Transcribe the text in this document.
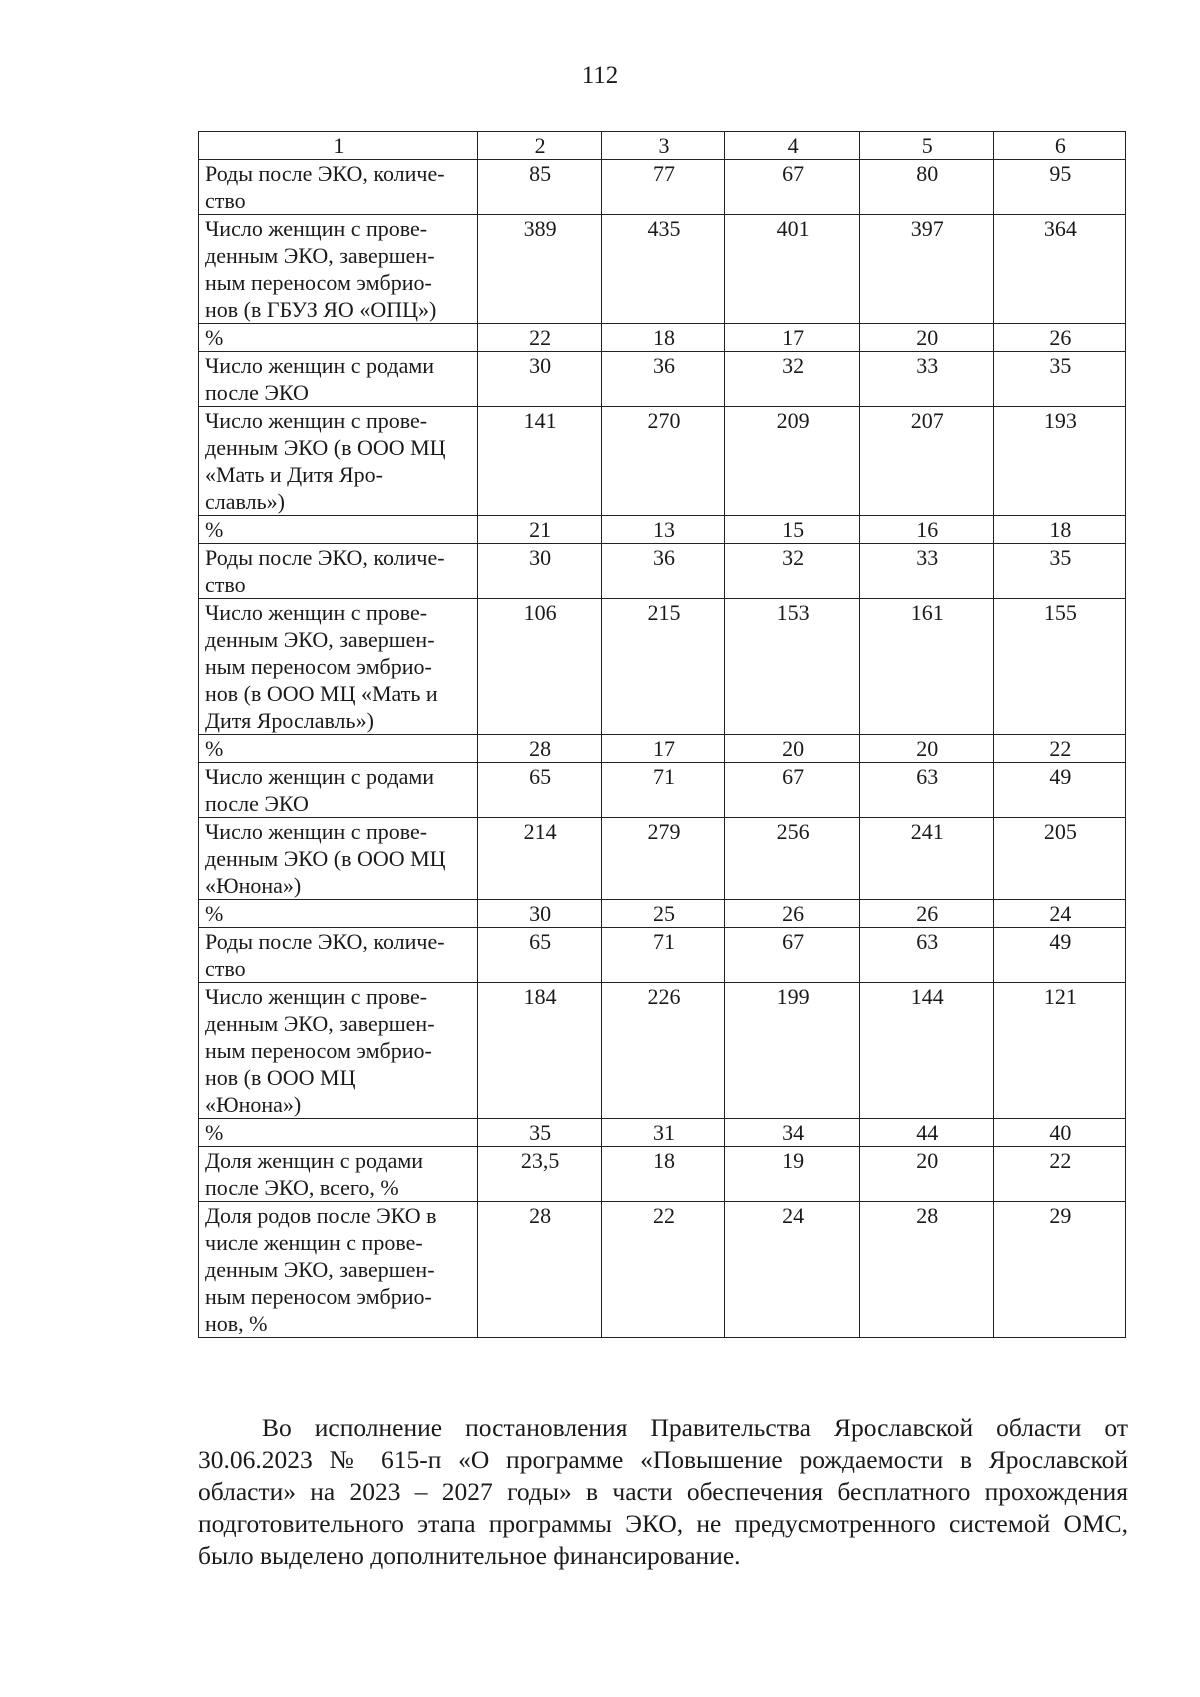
112
1	2	3	4	5	6
Роды после ЭКО, количе-
ство	85	77	67	80	95
Число женщин с прове-
денным ЭКО, завершен-
ным переносом эмбрио-
нов (в ГБУЗ ЯО «ОПЦ»)	389	435	401	397	364
%	22	18	17	20	26
Число женщин с родами
после ЭКО	30	36	32	33	35
Число женщин с прове-
денным ЭКО (в ООО МЦ
«Мать и Дитя Яро-
славль»)	141	270	209	207	193
%	21	13	15	16	18
Роды после ЭКО, количе-
ство	30	36	32	33	35
Число женщин с прове-
денным ЭКО, завершен-
ным переносом эмбрио-
нов (в ООО МЦ «Мать и
Дитя Ярославль»)	106	215	153	161	155
%	28	17	20	20	22
Число женщин с родами
после ЭКО	65	71	67	63	49
Число женщин с прове-
денным ЭКО (в ООО МЦ
«Юнона»)	214	279	256	241	205
%	30	25	26	26	24
Роды после ЭКО, количе-
ство	65	71	67	63	49
Число женщин с прове-
денным ЭКО, завершен-
ным переносом эмбрио-
нов (в ООО МЦ
«Юнона»)	184	226	199	144	121
%	35	31	34	44	40
Доля женщин с родами
после ЭКО, всего, %	23,5	18	19	20	22
Доля родов после ЭКО в
числе женщин с прове-
денным ЭКО, завершен-
ным переносом эмбрио-
нов, %	28	22	24	28	29
Во исполнение постановления Правительства Ярославской области от 30.06.2023 № 615-п «О программе «Повышение рождаемости в Ярославской области» на 2023 – 2027 годы» в части обеспечения бесплатного прохождения подготовительного этапа программы ЭКО, не предусмотренного системой ОМС, было выделено дополнительное финансирование.
